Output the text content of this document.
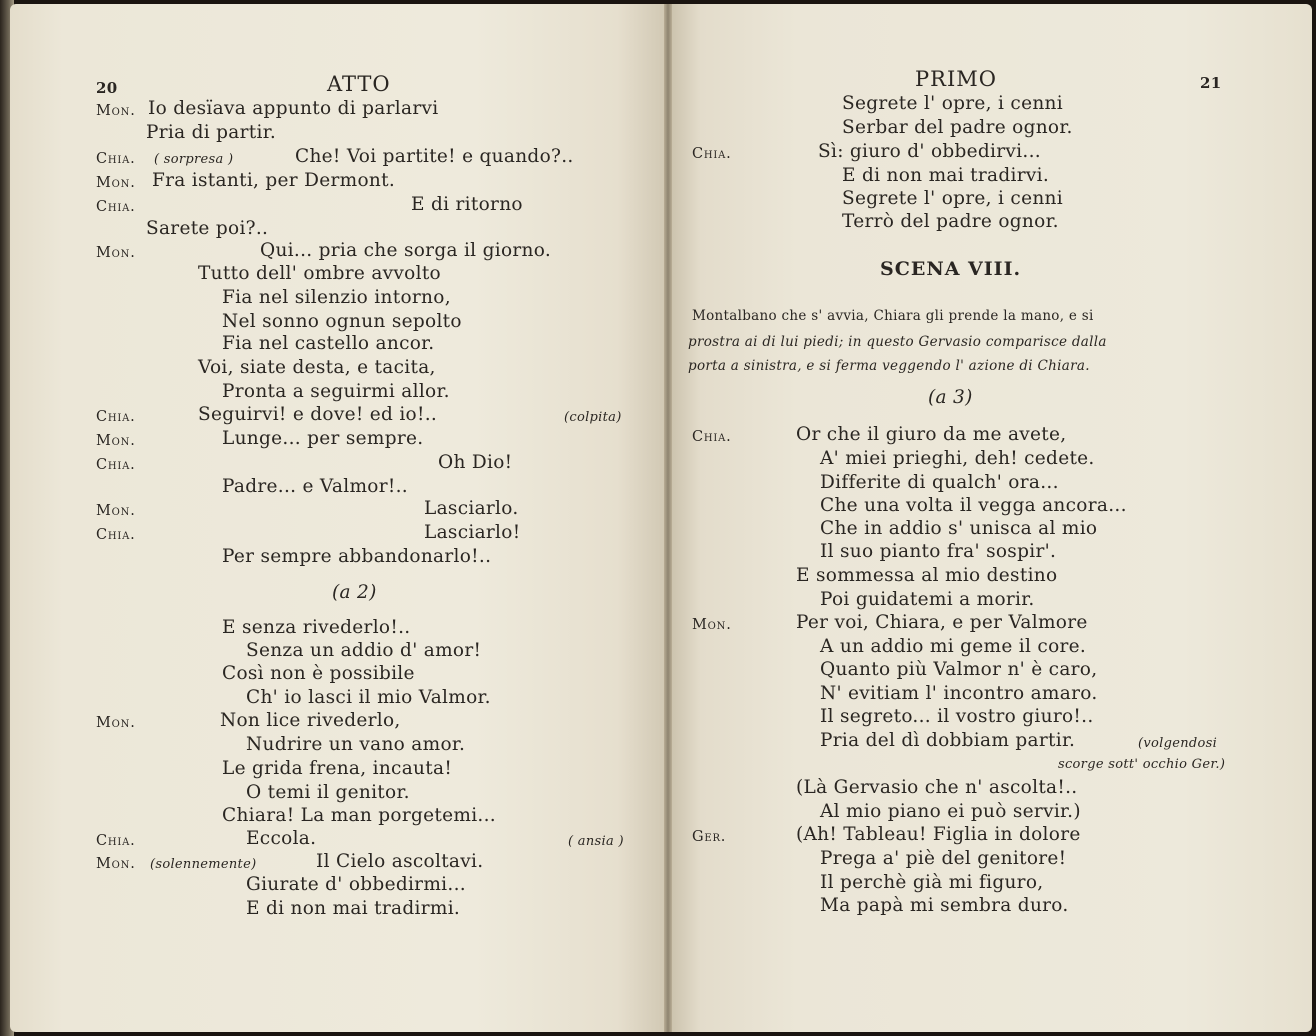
20	ATTO
Mon. Io desïava appunto di parlarvi
Pria di partir.
Chia.	Che! Voi partite! e quando?..
( sorpresa )
Mon. Fra istanti, per Dermont.
Chia.	E di ritorno
Sarete poi?..
Mon.	Qui... pria che sorga il giorno.
Tutto dell' ombre avvolto
Fia nel silenzio intorno,
Nel sonno ognun sepolto
Fia nel castello ancor.
Voi, siate desta, e tacita,
Pronta a seguirmi allor.
Chia.	Seguirvi! e dove! ed io!..	(colpita)
Mon.	Lunge... per sempre.
Chia.	Oh Dio!
Padre... e Valmor!..
Mon.	Lasciarlo.
Chia.	Lasciarlo!
Per sempre abbandonarlo!..
(a 2)
E senza rivederlo!..
Senza un addio d' amor!
Così non è possibile
Ch' io lasci il mio Valmor.
Mon.	Non lice rivederlo,
Nudrire un vano amor.
Le grida frena, incauta!
O temi il genitor.
Chiara! La man porgetemi...
Chia.	Eccola.	( ansia )
Mon.	Il Cielo ascoltavi.
(solennemente)
Giurate d' obbedirmi...
E di non mai tradirmi.
PRIMO	21
Segrete l' opre, i cenni
Serbar del padre ognor.
Chia.	Sì: giuro d' obbedirvi...
E di non mai tradirvi.
Segrete l' opre, i cenni
Terrò del padre ognor.
SCENA VIII.
Montalbano che s' avvia, Chiara gli prende la mano, e si
prostra ai di lui piedi; in questo Gervasio comparisce dalla
porta a sinistra, e si ferma veggendo l' azione di Chiara.
(a 3)
Chia.	Or che il giuro da me avete,
A' miei prieghi, deh! cedete.
Differite di qualch' ora...
Che una volta il vegga ancora...
Che in addio s' unisca al mio
Il suo pianto fra' sospir'.
E sommessa al mio destino
Poi guidatemi a morir.
Mon.	Per voi, Chiara, e per Valmore
A un addio mi geme il core.
Quanto più Valmor n' è caro,
N' evitiam l' incontro amaro.
Il segreto... il vostro giuro!..
Pria del dì dobbiam partir.	(volgendosi
scorge sott' occhio Ger.)
(Là Gervasio che n' ascolta!..
Al mio piano ei può servir.)
Ger.	(Ah! Tableau! Figlia in dolore
Prega a' piè del genitore!
Il perchè già mi figuro,
Ma papà mi sembra duro.
